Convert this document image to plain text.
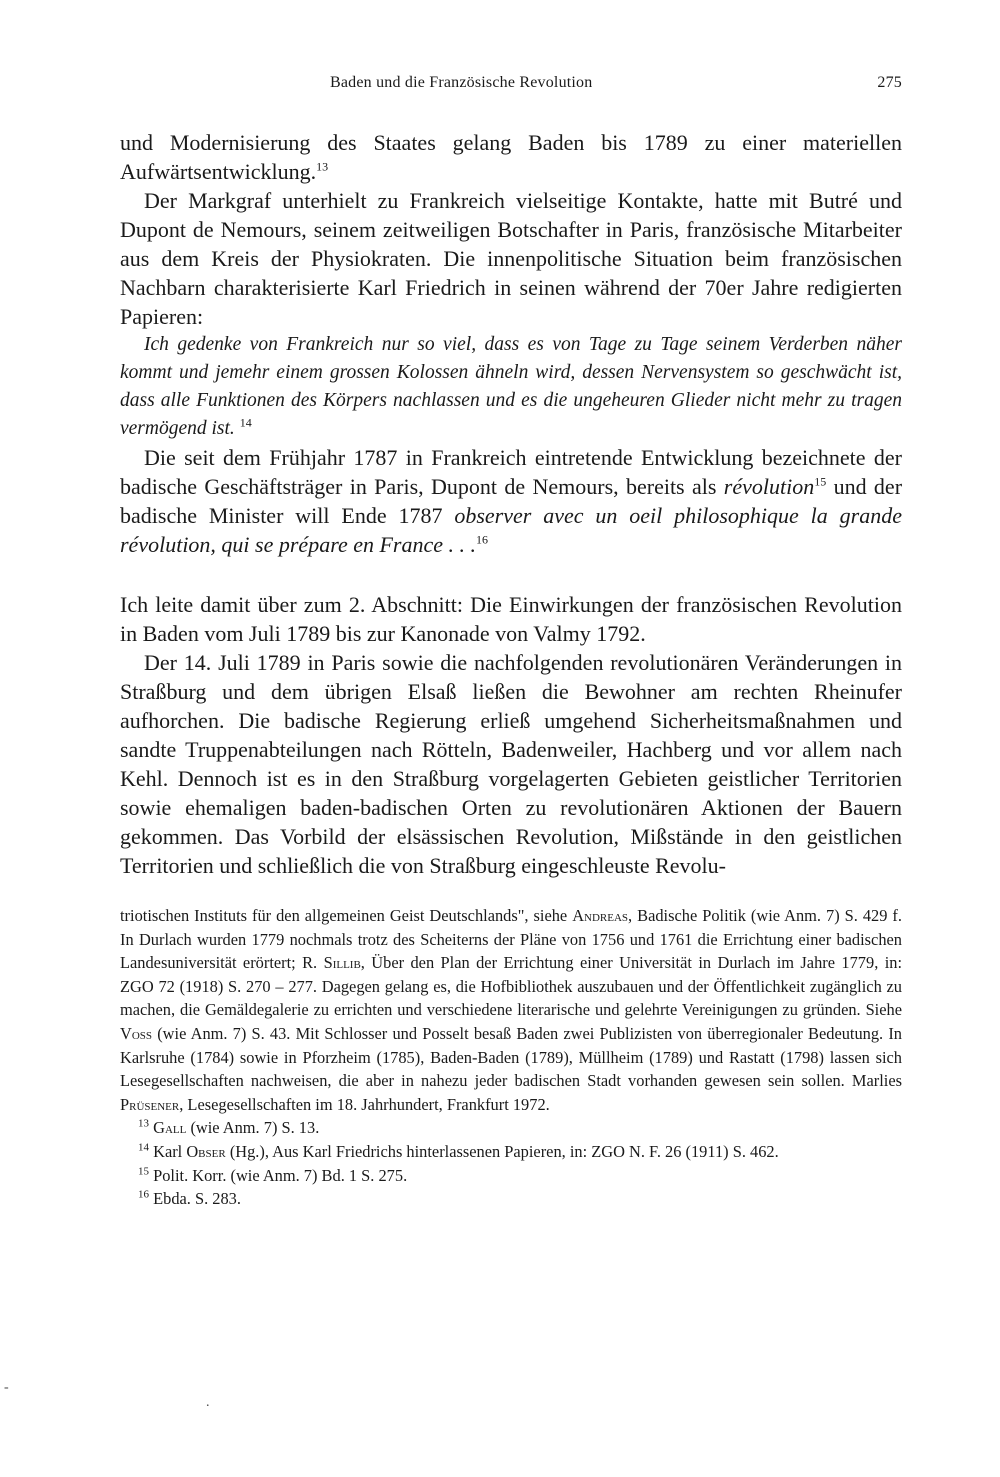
Baden und die Französische Revolution	275

und Modernisierung des Staates gelang Baden bis 1789 zu einer materiellen Aufwärtsentwicklung.$^{13}$

Der Markgraf unterhielt zu Frankreich vielseitige Kontakte, hatte mit Butré und Dupont de Nemours, seinem zeitweiligen Botschafter in Paris, französische Mitarbeiter aus dem Kreis der Physiokraten. Die innenpolitische Situation beim französischen Nachbarn charakterisierte Karl Friedrich in seinen während der 70er Jahre redigierten Papieren:

Ich gedenke von Frankreich nur so viel, dass es von Tage zu Tage seinem Verderben näher kommt und jemehr einem grossen Kolossen ähneln wird, dessen Nervensystem so geschwächt ist, dass alle Funktionen des Körpers nachlassen und es die ungeheuren Glieder nicht mehr zu tragen vermögend ist. $^{14}$

Die seit dem Frühjahr 1787 in Frankreich eintretende Entwicklung bezeichnete der badische Geschäftsträger in Paris, Dupont de Nemours, bereits als révolution$^{15}$ und der badische Minister will Ende 1787 observer avec un oeil philosophique la grande révolution, qui se prépare en France . . .$^{16}$

Ich leite damit über zum 2. Abschnitt: Die Einwirkungen der französischen Revolution in Baden vom Juli 1789 bis zur Kanonade von Valmy 1792.

Der 14. Juli 1789 in Paris sowie die nachfolgenden revolutionären Veränderungen in Straßburg und dem übrigen Elsaß ließen die Bewohner am rechten Rheinufer aufhorchen. Die badische Regierung erließ umgehend Sicherheitsmaßnahmen und sandte Truppenabteilungen nach Rötteln, Badenweiler, Hachberg und vor allem nach Kehl. Dennoch ist es in den Straßburg vorgelagerten Gebieten geistlicher Territorien sowie ehemaligen baden-badischen Orten zu revolutionären Aktionen der Bauern gekommen. Das Vorbild der elsässischen Revolution, Mißstände in den geistlichen Territorien und schließlich die von Straßburg eingeschleuste Revolu-

triotischen Instituts für den allgemeinen Geist Deutschlands", siehe Andreas, Badische Politik (wie Anm. 7) S. 429 f. In Durlach wurden 1779 nochmals trotz des Scheiterns der Pläne von 1756 und 1761 die Errichtung einer badischen Landesuniversität erörtert; R. Sillib, Über den Plan der Errichtung einer Universität in Durlach im Jahre 1779, in: ZGO 72 (1918) S. 270 – 277. Dagegen gelang es, die Hofbibliothek auszubauen und der Öffentlichkeit zugänglich zu machen, die Gemäldegalerie zu errichten und verschiedene literarische und gelehrte Vereinigungen zu gründen. Siehe Voss (wie Anm. 7) S. 43. Mit Schlosser und Posselt besaß Baden zwei Publizisten von überregionaler Bedeutung. In Karlsruhe (1784) sowie in Pforzheim (1785), Baden-Baden (1789), Müllheim (1789) und Rastatt (1798) lassen sich Lesegesellschaften nachweisen, die aber in nahezu jeder badischen Stadt vorhanden gewesen sein sollen. Marlies Prüsener, Lesegesellschaften im 18. Jahrhundert, Frankfurt 1972.

$^{13}$ Gall (wie Anm. 7) S. 13.

$^{14}$ Karl Obser (Hg.), Aus Karl Friedrichs hinterlassenen Papieren, in: ZGO N. F. 26 (1911) S. 462.

$^{15}$ Polit. Korr. (wie Anm. 7) Bd. 1 S. 275.

$^{16}$ Ebda. S. 283.

-
.
